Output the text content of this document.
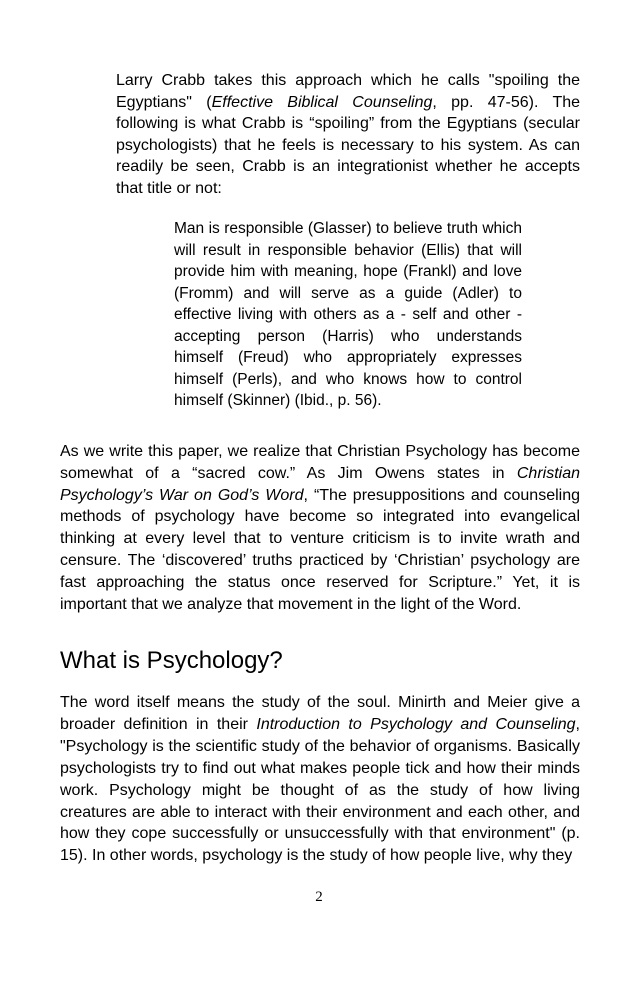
Larry Crabb takes this approach which he calls "spoiling the Egyptians" (Effective Biblical Counseling, pp. 47-56). The following is what Crabb is “spoiling” from the Egyptians (secular psychologists) that he feels is necessary to his system. As can readily be seen, Crabb is an integrationist whether he accepts that title or not:

Man is responsible (Glasser) to believe truth which will result in responsible behavior (Ellis) that will provide him with meaning, hope (Frankl) and love (Fromm) and will serve as a guide (Adler) to effective living with others as a - self and other - accepting person (Harris) who understands himself (Freud) who appropriately expresses himself (Perls), and who knows how to control himself (Skinner) (Ibid., p. 56).

As we write this paper, we realize that Christian Psychology has become somewhat of a “sacred cow.” As Jim Owens states in Christian Psychology’s War on God’s Word, “The presuppositions and counseling methods of psychology have become so integrated into evangelical thinking at every level that to venture criticism is to invite wrath and censure. The ‘discovered’ truths practiced by ‘Christian’ psychology are fast approaching the status once reserved for Scripture.” Yet, it is important that we analyze that movement in the light of the Word.

What is Psychology?

The word itself means the study of the soul. Minirth and Meier give a broader definition in their Introduction to Psychology and Counseling, "Psychology is the scientific study of the behavior of organisms. Basically psychologists try to find out what makes people tick and how their minds work. Psychology might be thought of as the study of how living creatures are able to interact with their environment and each other, and how they cope successfully or unsuccessfully with that environment" (p. 15). In other words, psychology is the study of how people live, why they

2
